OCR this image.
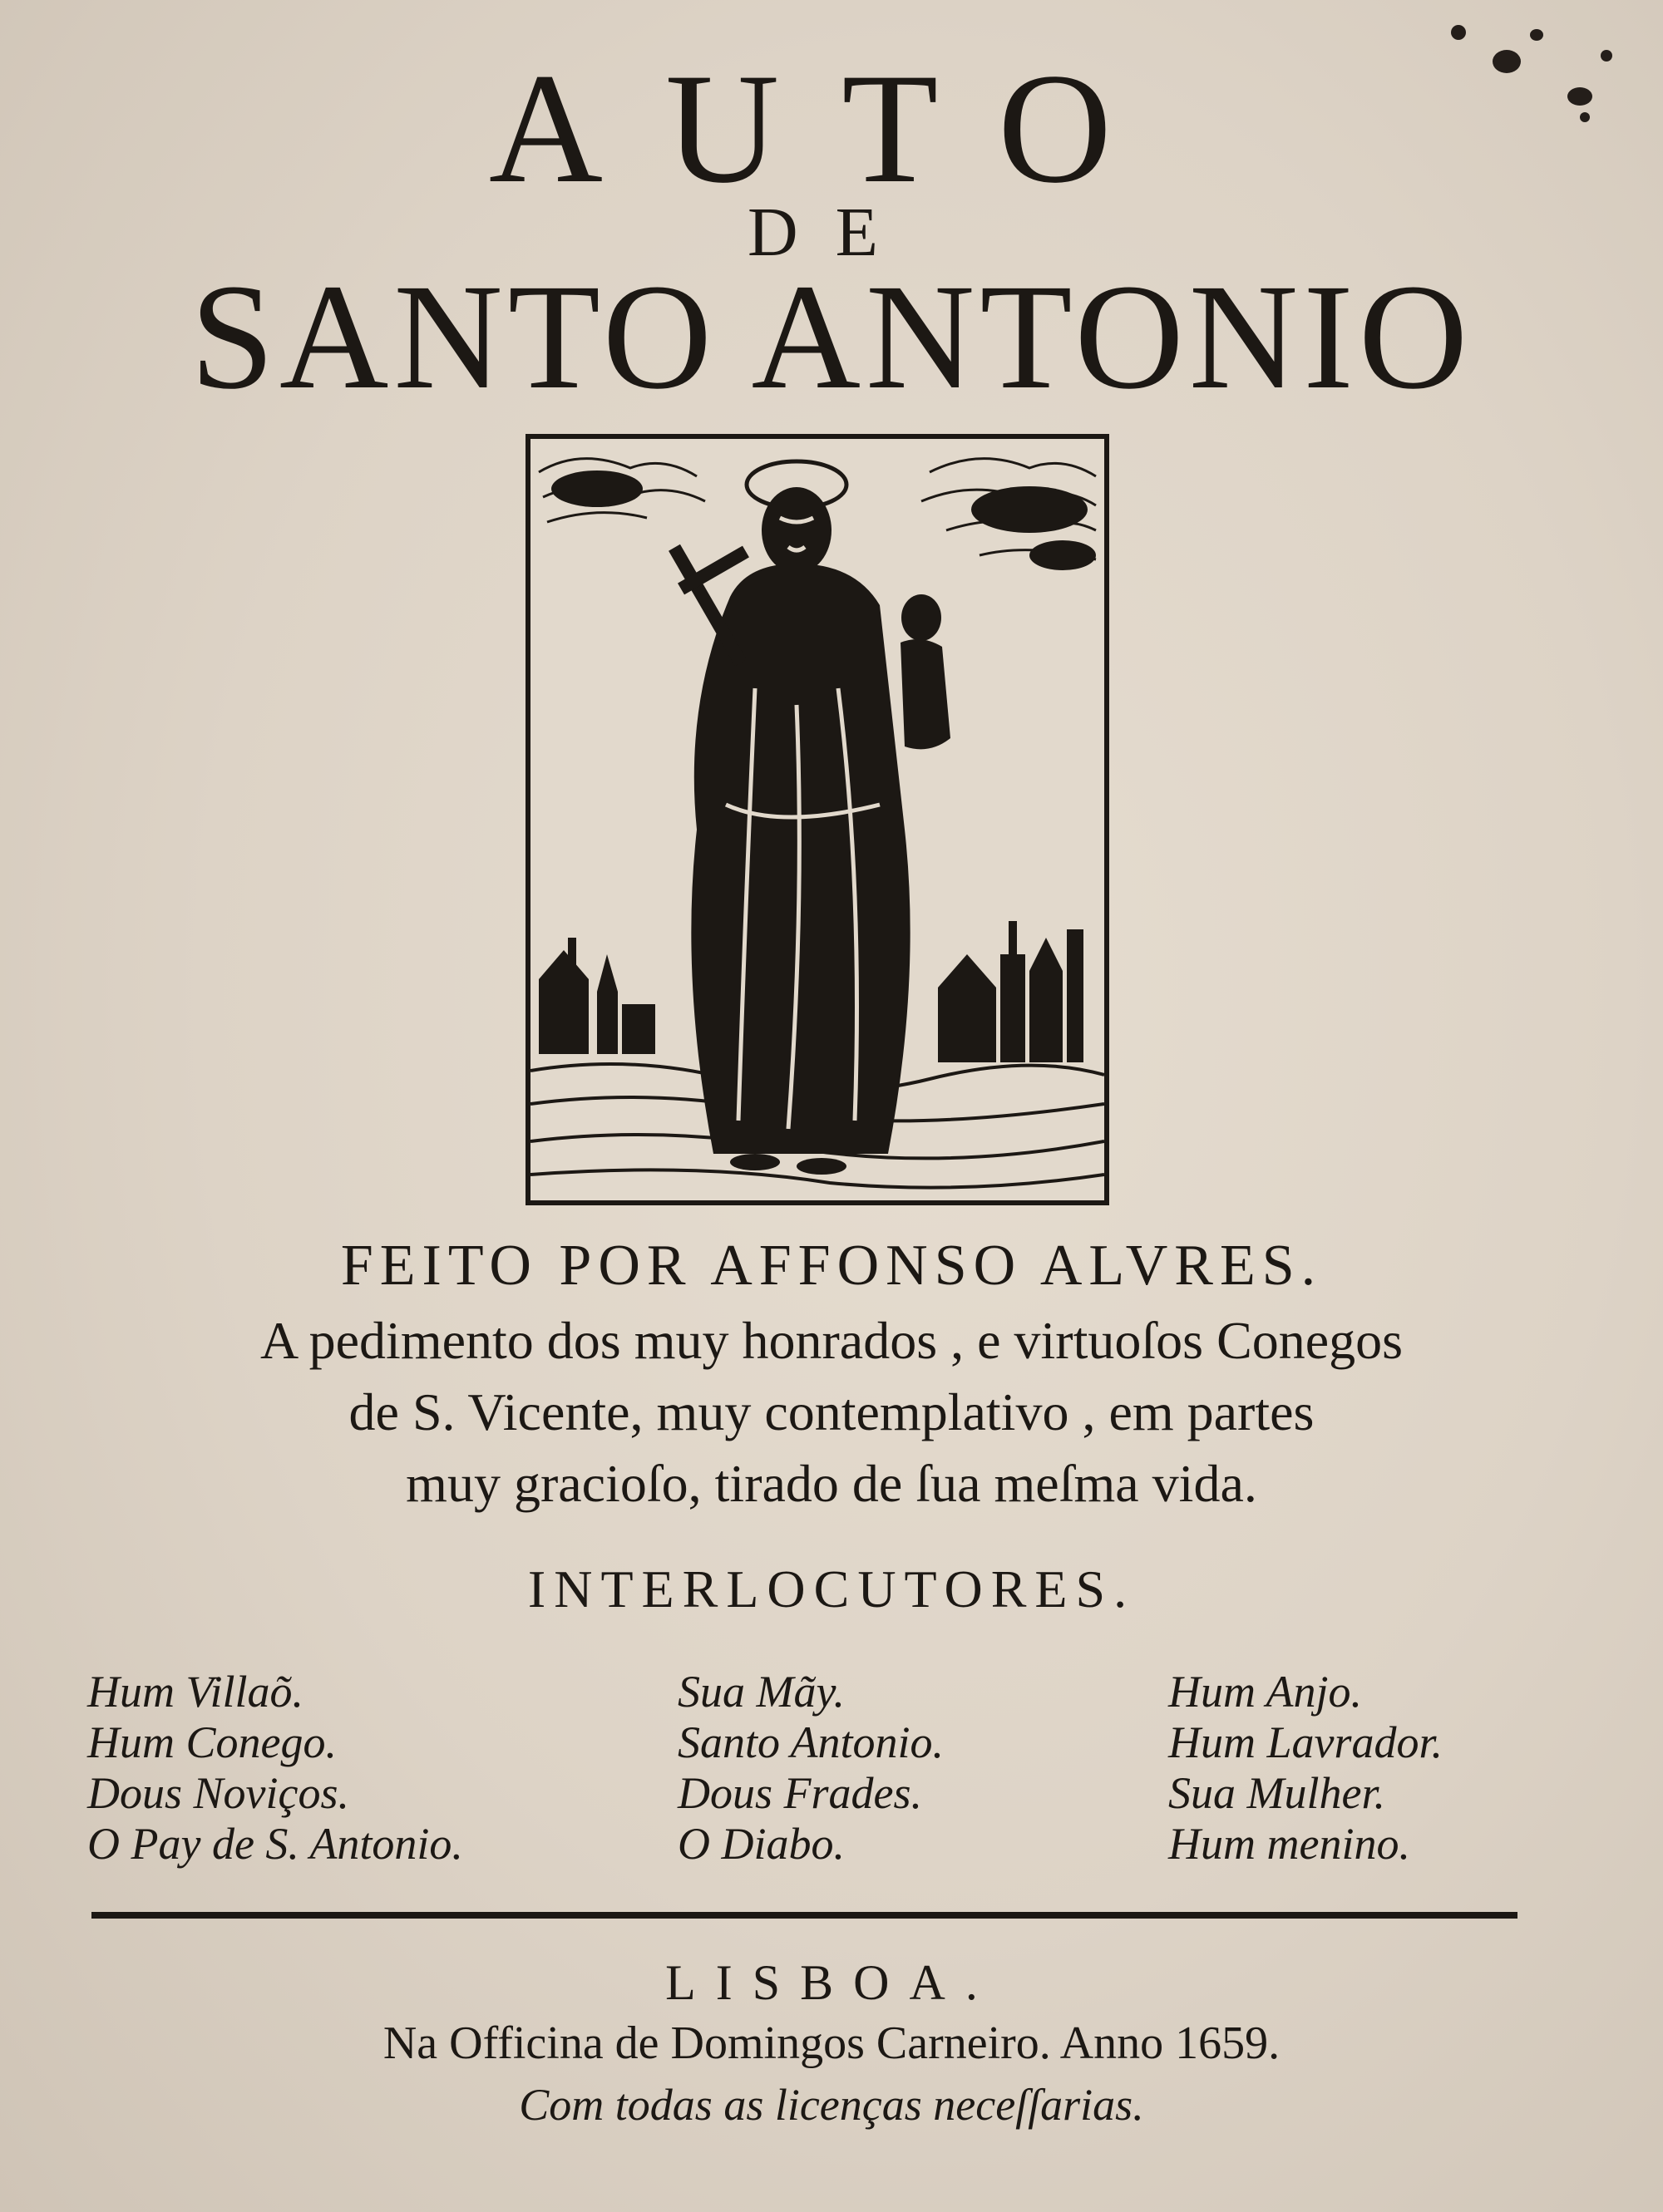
AUTO
DE
SANTO ANTONIO
FEITO POR AFFONSO ALVRES.
A pedimento dos muy honrados , e virtuoſos Conegos
de S. Vicente, muy contemplativo , em partes
muy gracioſo, tirado de ſua meſma vida.
INTERLOCUTORES.
Hum Villaõ.
Hum Conego.
Dous Noviços.
O Pay de S. Antonio.
Sua Mãy.
Santo Antonio.
Dous Frades.
O Diabo.
Hum Anjo.
Hum Lavrador.
Sua Mulher.
Hum menino.
LISBOA.
Na Officina de Domingos Carneiro. Anno 1659.
Com todas as licenças neceſſarias.
